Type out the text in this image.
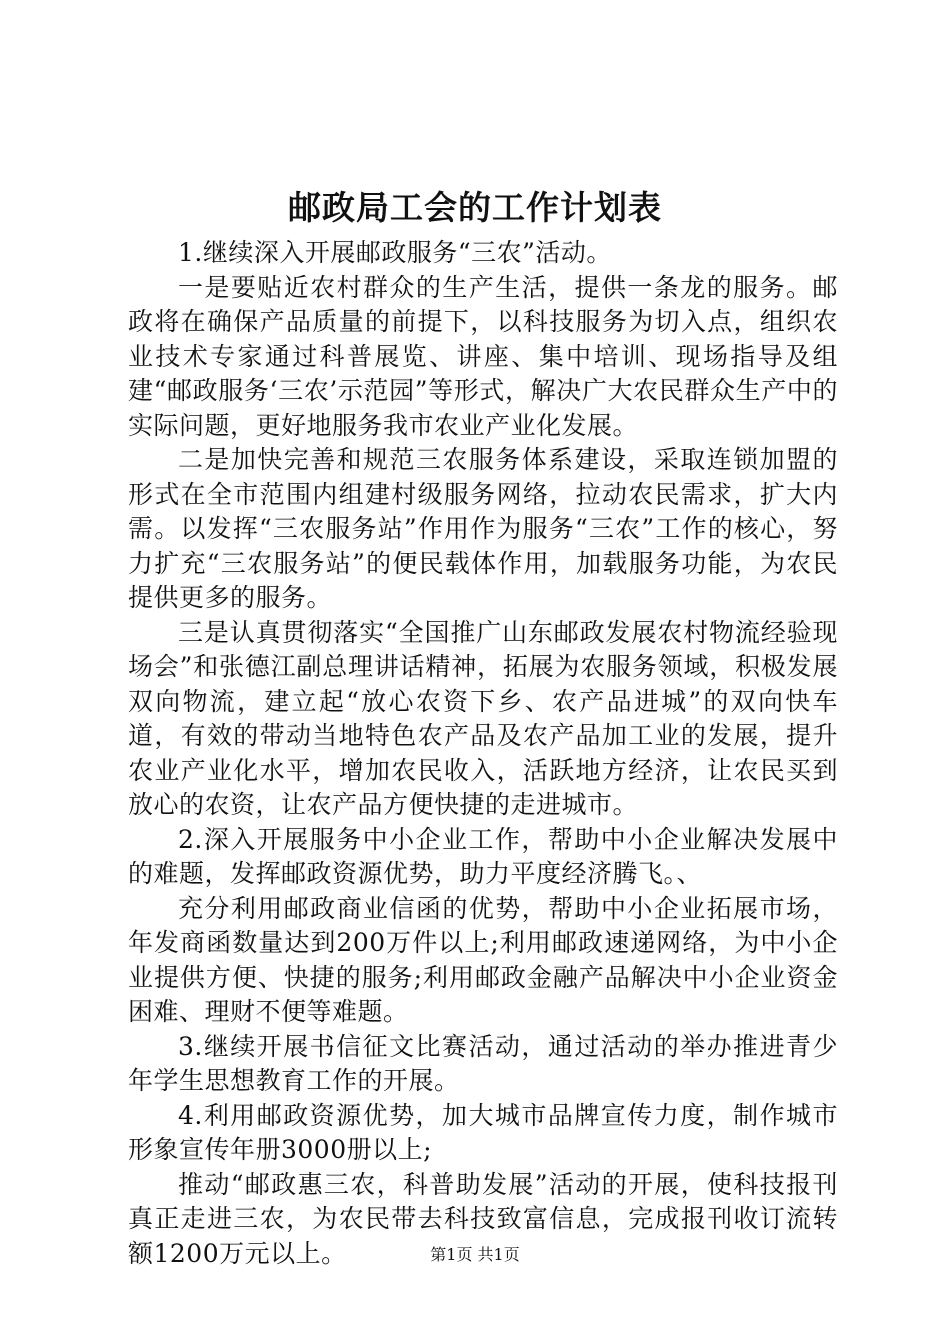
邮政局工会的工作计划表

1.继续深入开展邮政服务“三农”活动。

一是要贴近农村群众的生产生活，提供一条龙的服务。邮政将在确保产品质量的前提下，以科技服务为切入点，组织农业技术专家通过科普展览、讲座、集中培训、现场指导及组建“邮政服务‘三农’示范园”等形式，解决广大农民群众生产中的实际问题，更好地服务我市农业产业化发展。

二是加快完善和规范三农服务体系建设，采取连锁加盟的形式在全市范围内组建村级服务网络，拉动农民需求，扩大内需。以发挥“三农服务站”作用作为服务“三农”工作的核心，努力扩充“三农服务站”的便民载体作用，加载服务功能，为农民提供更多的服务。

三是认真贯彻落实“全国推广山东邮政发展农村物流经验现场会”和张德江副总理讲话精神，拓展为农服务领域，积极发展双向物流，建立起“放心农资下乡、农产品进城”的双向快车道，有效的带动当地特色农产品及农产品加工业的发展，提升农业产业化水平，增加农民收入，活跃地方经济，让农民买到放心的农资，让农产品方便快捷的走进城市。

2.深入开展服务中小企业工作，帮助中小企业解决发展中的难题，发挥邮政资源优势，助力平度经济腾飞。、

充分利用邮政商业信函的优势，帮助中小企业拓展市场，年发商函数量达到200万件以上;利用邮政速递网络，为中小企业提供方便、快捷的服务;利用邮政金融产品解决中小企业资金困难、理财不便等难题。

3.继续开展书信征文比赛活动，通过活动的举办推进青少年学生思想教育工作的开展。

4.利用邮政资源优势，加大城市品牌宣传力度，制作城市形象宣传年册3000册以上;

推动“邮政惠三农，科普助发展”活动的开展，使科技报刊真正走进三农，为农民带去科技致富信息，完成报刊收订流转额1200万元以上。	第1页 共1页
